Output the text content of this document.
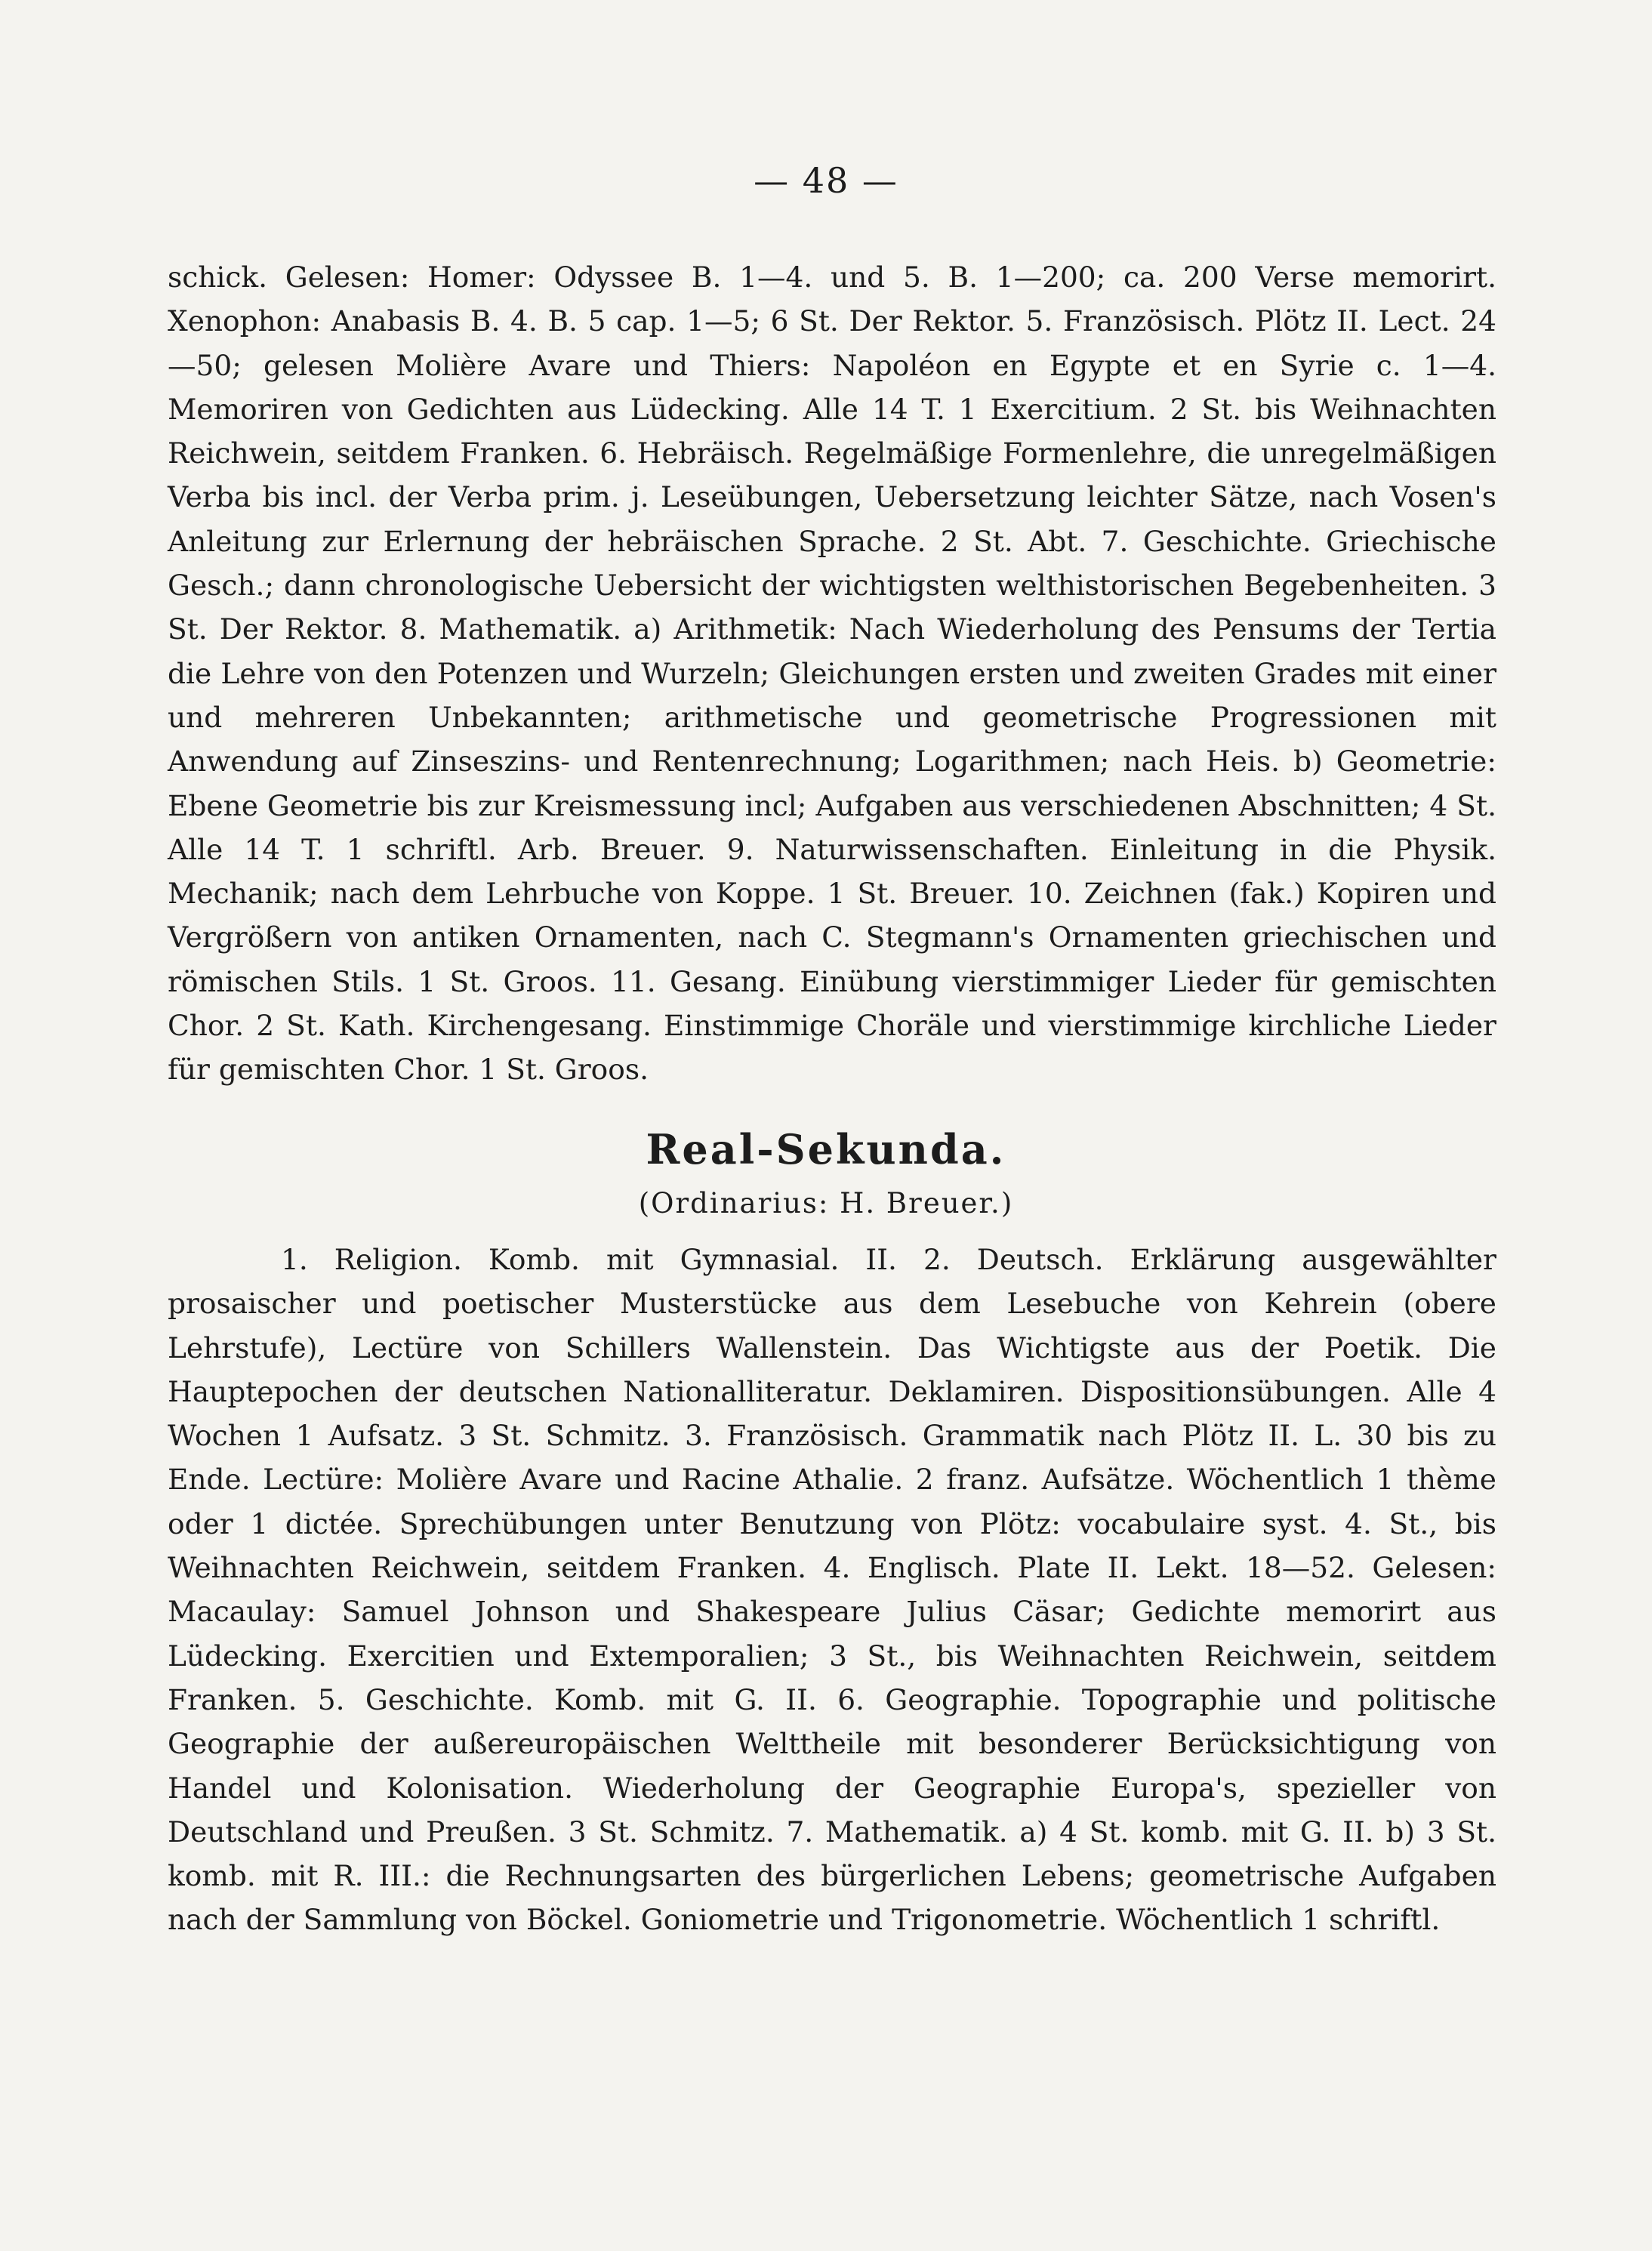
— 48 —

schick. Gelesen: Homer: Odyssee B. 1—4. und 5. B. 1—200; ca. 200 Verse memorirt. Xenophon: Anabasis B. 4. B. 5 cap. 1—5; 6 St. Der Rektor. 5. Französisch. Plötz II. Lect. 24—50; gelesen Molière Avare und Thiers: Napoléon en Egypte et en Syrie c. 1—4. Memoriren von Gedichten aus Lüdecking. Alle 14 T. 1 Exercitium. 2 St. bis Weihnachten Reichwein, seitdem Franken. 6. Hebräisch. Regelmäßige Formenlehre, die unregelmäßigen Verba bis incl. der Verba prim. j. Leseübungen, Uebersetzung leichter Sätze, nach Vosen's Anleitung zur Erlernung der hebräischen Sprache. 2 St. Abt. 7. Geschichte. Griechische Gesch.; dann chronologische Uebersicht der wichtigsten welthistorischen Begebenheiten. 3 St. Der Rektor. 8. Mathematik. a) Arithmetik: Nach Wiederholung des Pensums der Tertia die Lehre von den Potenzen und Wurzeln; Gleichungen ersten und zweiten Grades mit einer und mehreren Unbekannten; arithmetische und geometrische Progressionen mit Anwendung auf Zinseszins- und Rentenrechnung; Logarithmen; nach Heis. b) Geometrie: Ebene Geometrie bis zur Kreismessung incl; Aufgaben aus verschiedenen Abschnitten; 4 St. Alle 14 T. 1 schriftl. Arb. Breuer. 9. Naturwissenschaften. Einleitung in die Physik. Mechanik; nach dem Lehrbuche von Koppe. 1 St. Breuer. 10. Zeichnen (fak.) Kopiren und Vergrößern von antiken Ornamenten, nach C. Stegmann's Ornamenten griechischen und römischen Stils. 1 St. Groos. 11. Gesang. Einübung vierstimmiger Lieder für gemischten Chor. 2 St. Kath. Kirchengesang. Einstimmige Choräle und vierstimmige kirchliche Lieder für gemischten Chor. 1 St. Groos.

Real-Sekunda.
(Ordinarius: H. Breuer.)

1. Religion. Komb. mit Gymnasial. II. 2. Deutsch. Erklärung ausgewählter prosaischer und poetischer Musterstücke aus dem Lesebuche von Kehrein (obere Lehrstufe), Lectüre von Schillers Wallenstein. Das Wichtigste aus der Poetik. Die Hauptepochen der deutschen Nationalliteratur. Deklamiren. Dispositionsübungen. Alle 4 Wochen 1 Aufsatz. 3 St. Schmitz. 3. Französisch. Grammatik nach Plötz II. L. 30 bis zu Ende. Lectüre: Molière Avare und Racine Athalie. 2 franz. Aufsätze. Wöchentlich 1 thème oder 1 dictée. Sprechübungen unter Benutzung von Plötz: vocabulaire syst. 4. St., bis Weihnachten Reichwein, seitdem Franken. 4. Englisch. Plate II. Lekt. 18—52. Gelesen: Macaulay: Samuel Johnson und Shakespeare Julius Cäsar; Gedichte memorirt aus Lüdecking. Exercitien und Extemporalien; 3 St., bis Weihnachten Reichwein, seitdem Franken. 5. Geschichte. Komb. mit G. II. 6. Geographie. Topographie und politische Geographie der außereuropäischen Welttheile mit besonderer Berücksichtigung von Handel und Kolonisation. Wiederholung der Geographie Europa's, spezieller von Deutschland und Preußen. 3 St. Schmitz. 7. Mathematik. a) 4 St. komb. mit G. II. b) 3 St. komb. mit R. III.: die Rechnungsarten des bürgerlichen Lebens; geometrische Aufgaben nach der Sammlung von Böckel. Goniometrie und Trigonometrie. Wöchentlich 1 schriftl.
